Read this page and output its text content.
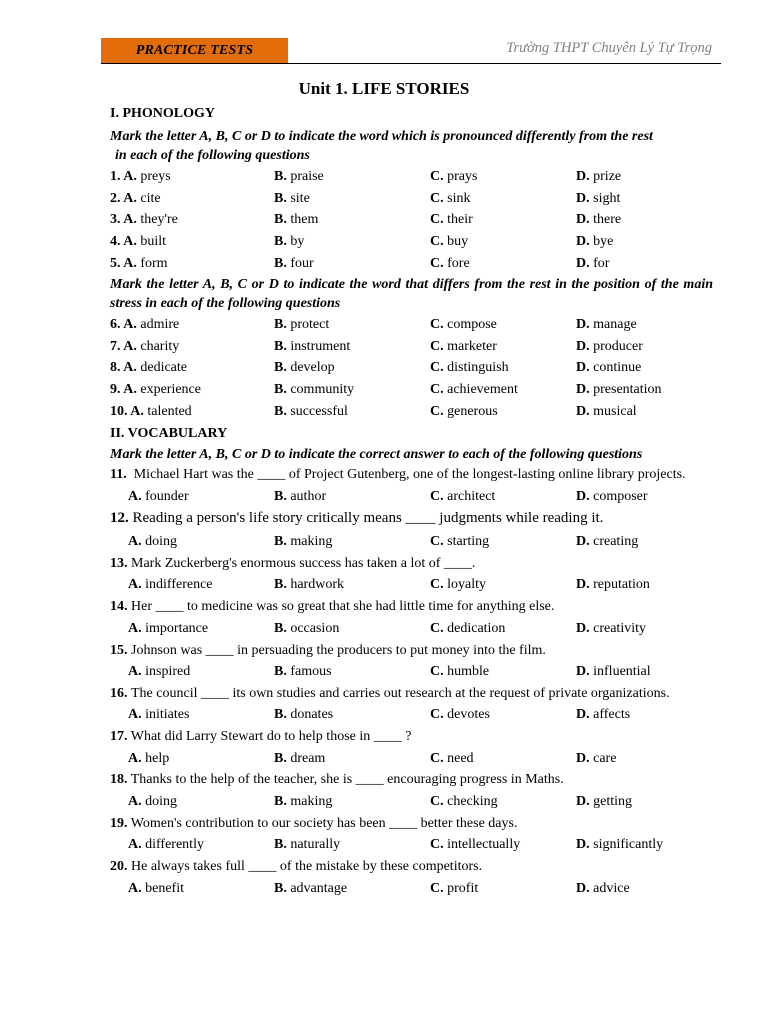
PRACTICE TESTS	Trường THPT Chuyên Lý Tự Trọng
Unit 1. LIFE STORIES
I. PHONOLOGY
Mark the letter A, B, C or D to indicate the word which is pronounced differently from the rest
in each of the following questions
1. A. preys	B. praise	C. prays	D. prize
2. A. cite	B. site	C. sink	D. sight
3. A. they're	B. them	C. their	D. there
4. A. built	B. by	C. buy	D. bye
5. A. form	B. four	C. fore	D. for
Mark the letter A, B, C or D to indicate the word that differs from the rest in the position of the main stress in each of the following questions
6. A. admire	B. protect	C. compose	D. manage
7. A. charity	B. instrument	C. marketer	D. producer
8. A. dedicate	B. develop	C. distinguish	D. continue
9. A. experience	B. community	C. achievement	D. presentation
10. A. talented	B. successful	C. generous	D. musical
II. VOCABULARY
Mark the letter A, B, C or D to indicate the correct answer to each of the following questions
11. Michael Hart was the ____ of Project Gutenberg, one of the longest-lasting online library projects.
A. founder	B. author	C. architect	D. composer
12. Reading a person's life story critically means ____ judgments while reading it.
A. doing	B. making	C. starting	D. creating
13. Mark Zuckerberg's enormous success has taken a lot of ____.
A. indifference	B. hardwork	C. loyalty	D. reputation
14. Her ____ to medicine was so great that she had little time for anything else.
A. importance	B. occasion	C. dedication	D. creativity
15. Johnson was ____ in persuading the producers to put money into the film.
A. inspired	B. famous	C. humble	D. influential
16. The council ____ its own studies and carries out research at the request of private organizations.
A. initiates	B. donates	C. devotes	D. affects
17. What did Larry Stewart do to help those in ____ ?
A. help	B. dream	C. need	D. care
18. Thanks to the help of the teacher, she is ____ encouraging progress in Maths.
A. doing	B. making	C. checking	D. getting
19. Women's contribution to our society has been ____ better these days.
A. differently	B. naturally	C. intellectually	D. significantly
20. He always takes full ____ of the mistake by these competitors.
A. benefit	B. advantage	C. profit	D. advice
